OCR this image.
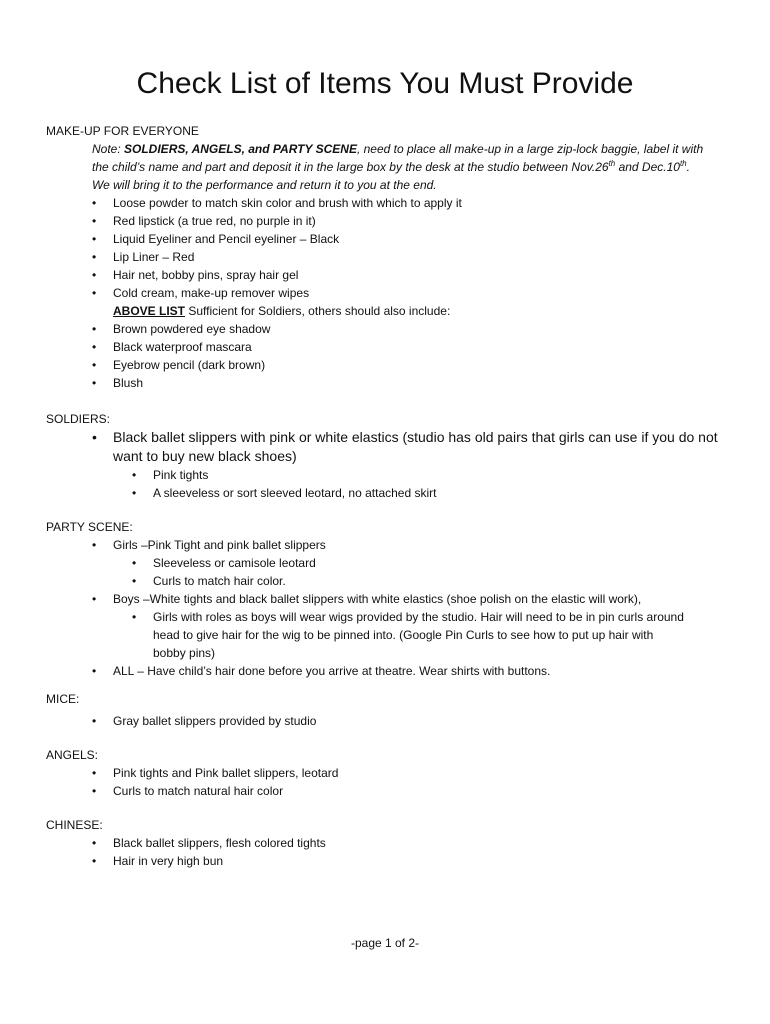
Check List of Items You Must Provide

MAKE-UP FOR EVERYONE

Note: SOLDIERS, ANGELS, and PARTY SCENE, need to place all make-up in a large zip-lock baggie, label it with

the child’s name and part and deposit it in the large box by the desk at the studio between Nov.26th and Dec.10th.

We will bring it to the performance and return it to you at the end.

•	Loose powder to match skin color and brush with which to apply it
•	Red lipstick (a true red, no purple in it)
•	Liquid Eyeliner and Pencil eyeliner – Black
•	Lip Liner – Red
•	Hair net, bobby pins, spray hair gel
•	Cold cream, make-up remover wipes

ABOVE LIST Sufficient for Soldiers, others should also include:

•	Brown powdered eye shadow
•	Black waterproof mascara
•	Eyebrow pencil (dark brown)
•	Blush

SOLDIERS:

•	Black ballet slippers with pink or white elastics (studio has old pairs that girls can use if you do not
want to buy new black shoes)
•	Pink tights
•	A sleeveless or sort sleeved leotard, no attached skirt

PARTY SCENE:

•	Girls –Pink Tight and pink ballet slippers
•	Sleeveless or camisole leotard
•	Curls to match hair color.
•	Boys –White tights and black ballet slippers with white elastics (shoe polish on the elastic will work),
•	Girls with roles as boys will wear wigs provided by the studio. Hair will need to be in pin curls around
head to give hair for the wig to be pinned into. (Google Pin Curls to see how to put up hair with
bobby pins)
•	ALL – Have child’s hair done before you arrive at theatre. Wear shirts with buttons.

MICE:

•	Gray ballet slippers provided by studio

ANGELS:

•	Pink tights and Pink ballet slippers, leotard
•	Curls to match natural hair color

CHINESE:

•	Black ballet slippers, flesh colored tights
•	Hair in very high bun
-page 1 of 2-
